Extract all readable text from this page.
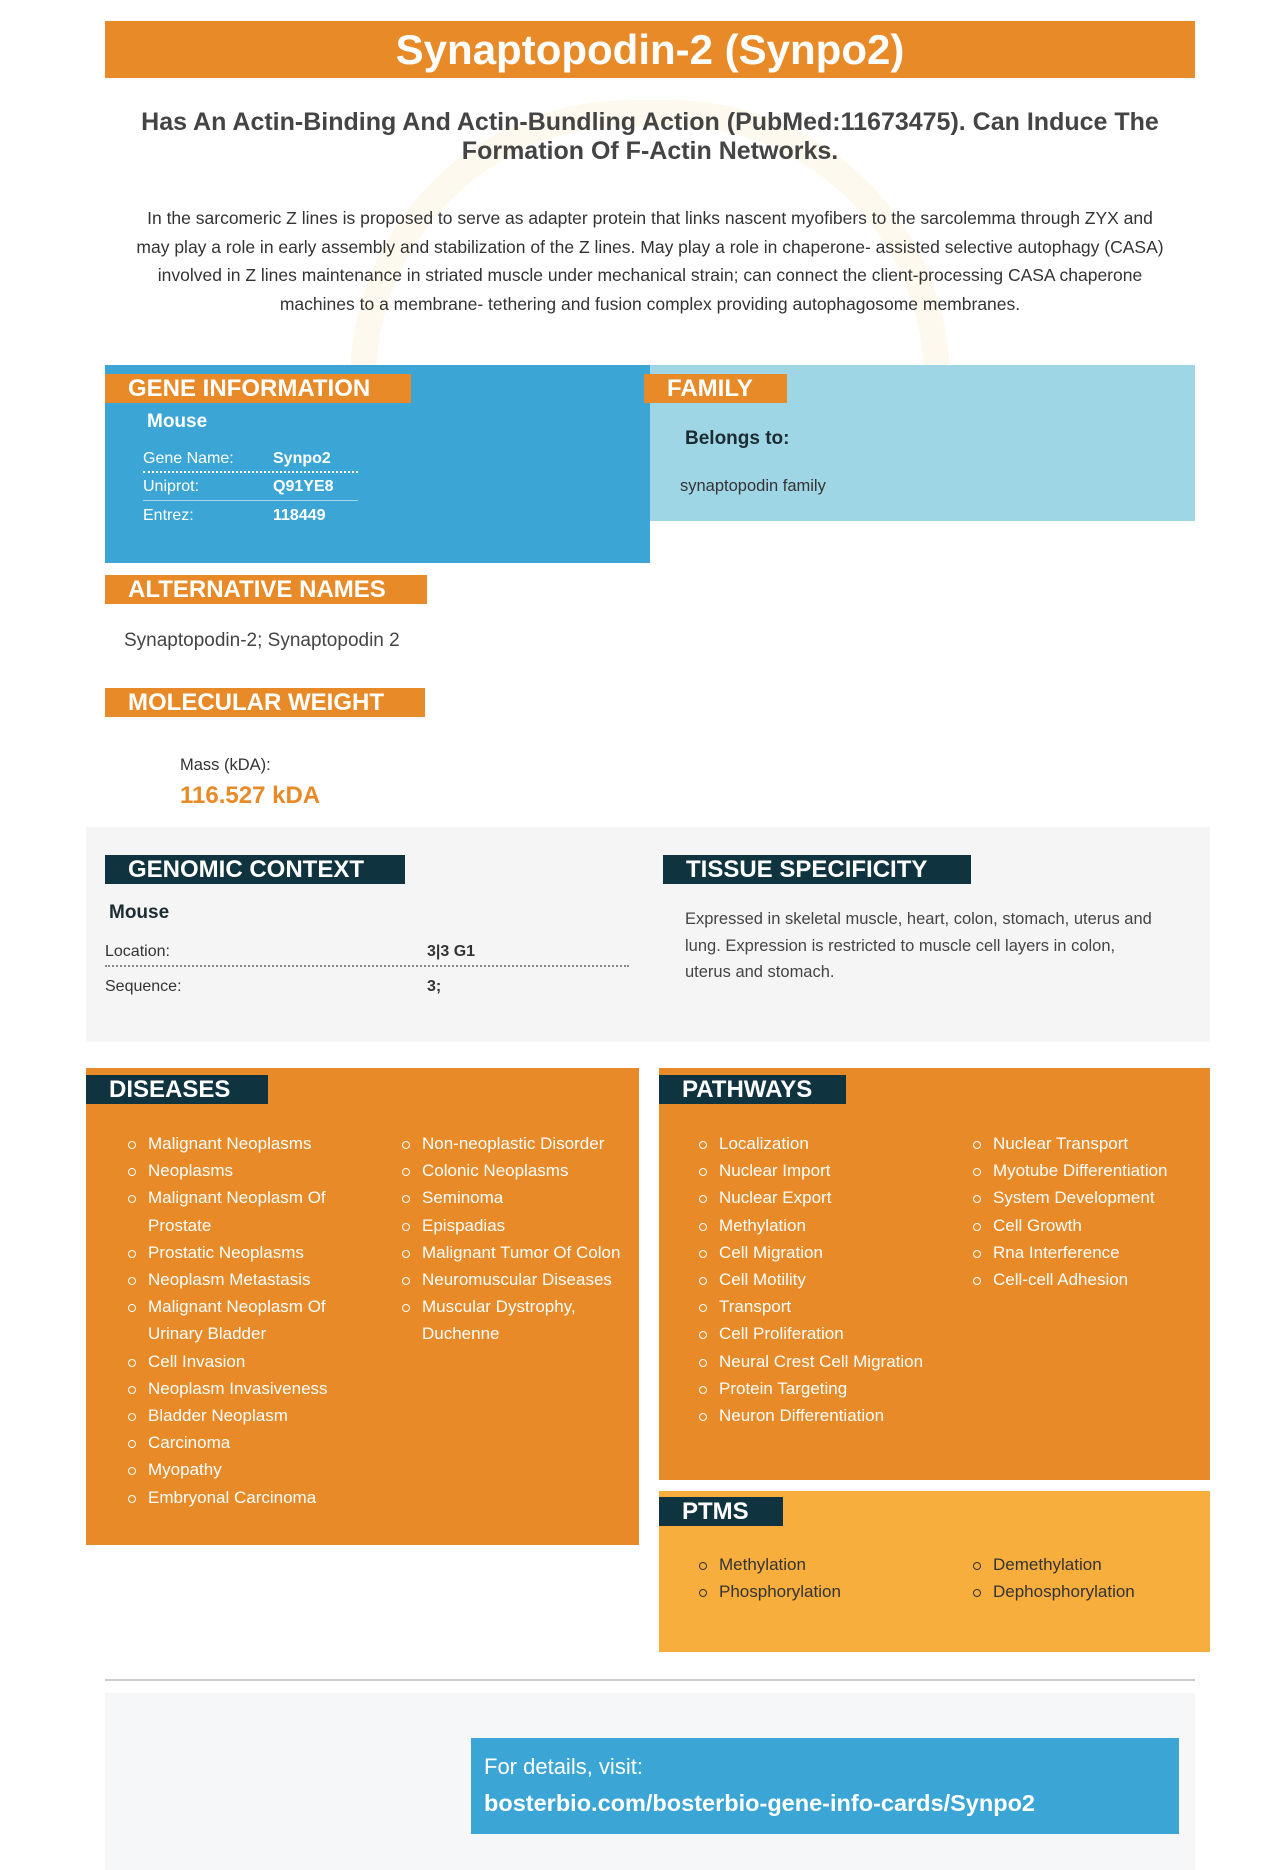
Synaptopodin-2 (Synpo2)
Has An Actin-Binding And Actin-Bundling Action (PubMed:11673475). Can Induce The Formation Of F-Actin Networks.
In the sarcomeric Z lines is proposed to serve as adapter protein that links nascent myofibers to the sarcolemma through ZYX and may play a role in early assembly and stabilization of the Z lines. May play a role in chaperone- assisted selective autophagy (CASA) involved in Z lines maintenance in striated muscle under mechanical strain; can connect the client-processing CASA chaperone machines to a membrane- tethering and fusion complex providing autophagosome membranes.
Mouse
Gene Name:	Synpo2
Uniprot:	Q91YE8
Entrez:	118449
GENE INFORMATION
Belongs to:
synaptopodin family
FAMILY
ALTERNATIVE NAMES
Synaptopodin-2; Synaptopodin 2
MOLECULAR WEIGHT
Mass (kDA):
116.527 kDA
GENOMIC CONTEXT
Mouse
Location:	3|3 G1
Sequence:	3;
TISSUE SPECIFICITY
Expressed in skeletal muscle, heart, colon, stomach, uterus and lung. Expression is restricted to muscle cell layers in colon, uterus and stomach.
Malignant Neoplasms
Neoplasms
Malignant Neoplasm Of Prostate
Prostatic Neoplasms
Neoplasm Metastasis
Malignant Neoplasm Of Urinary Bladder
Cell Invasion
Neoplasm Invasiveness
Bladder Neoplasm
Carcinoma
Myopathy
Embryonal Carcinoma
Non-neoplastic Disorder
Colonic Neoplasms
Seminoma
Epispadias
Malignant Tumor Of Colon
Neuromuscular Diseases
Muscular Dystrophy, Duchenne
DISEASES
Localization
Nuclear Import
Nuclear Export
Methylation
Cell Migration
Cell Motility
Transport
Cell Proliferation
Neural Crest Cell Migration
Protein Targeting
Neuron Differentiation
Nuclear Transport
Myotube Differentiation
System Development
Cell Growth
Rna Interference
Cell-cell Adhesion
PATHWAYS
Methylation
Phosphorylation
Demethylation
Dephosphorylation
PTMS
For details, visit:
bosterbio.com/bosterbio-gene-info-cards/Synpo2
